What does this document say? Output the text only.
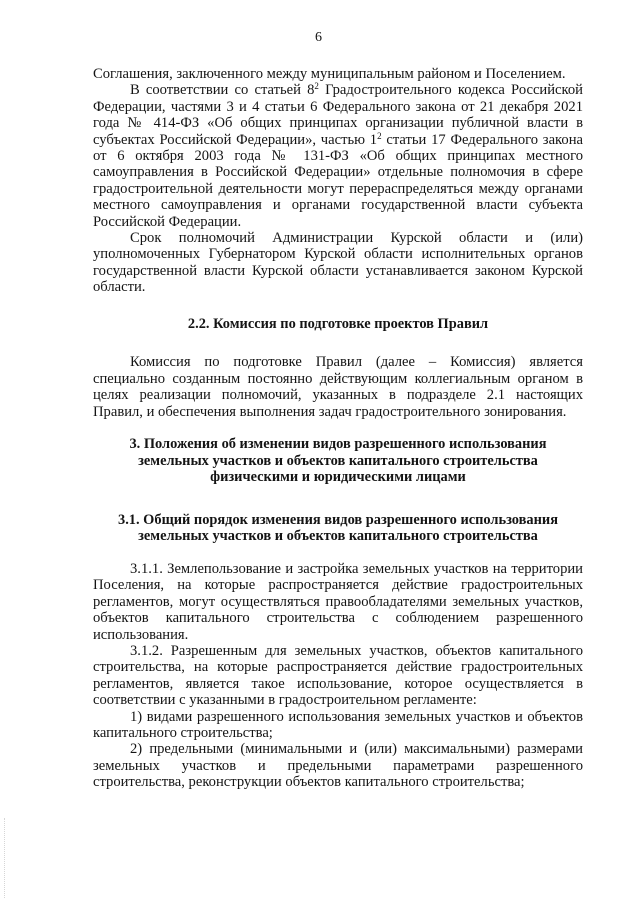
6

Соглашения, заключенного между муниципальным районом и Поселением.

В соответствии со статьей $8^2$ Градостроительного кодекса Российской Федерации, частями 3 и 4 статьи 6 Федерального закона от 21 декабря 2021 года № 414-ФЗ «Об общих принципах организации публичной власти в субъектах Российской Федерации», частью $1^2$ статьи 17 Федерального закона от 6 октября 2003 года № 131-ФЗ «Об общих принципах местного самоуправления в Российской Федерации» отдельные полномочия в сфере градостроительной деятельности могут перераспределяться между органами местного самоуправления и органами государственной власти субъекта Российской Федерации.

Срок полномочий Администрации Курской области и (или) уполномоченных Губернатором Курской области исполнительных органов государственной власти Курской области устанавливается законом Курской области.

2.2. Комиссия по подготовке проектов Правил

Комиссия по подготовке Правил (далее – Комиссия) является специально созданным постоянно действующим коллегиальным органом в целях реализации полномочий, указанных в подразделе 2.1 настоящих Правил, и обеспечения выполнения задач градостроительного зонирования.

3. Положения об изменении видов разрешенного использования
земельных участков и объектов капитального строительства
физическими и юридическими лицами
3.1. Общий порядок изменения видов разрешенного использования
земельных участков и объектов капитального строительства

3.1.1. Землепользование и застройка земельных участков на территории Поселения, на которые распространяется действие градостроительных регламентов, могут осуществляться правообладателями земельных участков, объектов капитального строительства с соблюдением разрешенного использования.

3.1.2. Разрешенным для земельных участков, объектов капитального строительства, на которые распространяется действие градостроительных регламентов, является такое использование, которое осуществляется в соответствии с указанными в градостроительном регламенте:

1) видами разрешенного использования земельных участков и объектов капитального строительства;

2) предельными (минимальными и (или) максимальными) размерами земельных участков и предельными параметрами разрешенного строительства, реконструкции объектов капитального строительства;
